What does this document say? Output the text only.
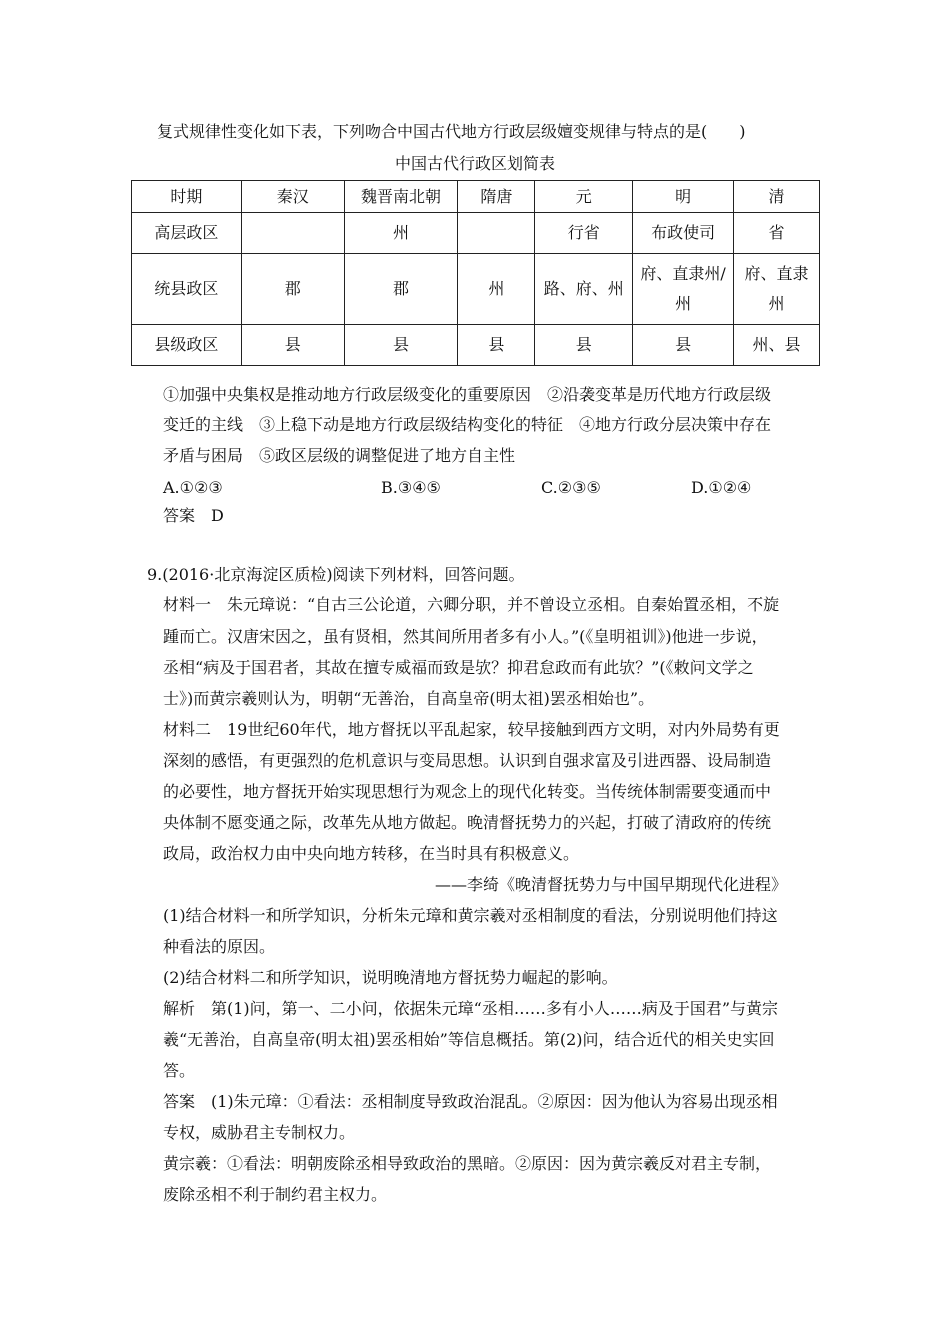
复式规律性变化如下表，下列吻合中国古代地方行政层级嬗变规律与特点的是(　　)
中国古代行政区划简表
时期	秦汉	魏晋南北朝	隋唐	元	明	清
高层政区		州		行省	布政使司	省
统县政区	郡	郡	州	路、府、州	府、直隶州/州	府、直隶州
县级政区	县	县	县	县	县	州、县
①加强中央集权是推动地方行政层级变化的重要原因　②沿袭变革是历代地方行政层级
变迁的主线　③上稳下动是地方行政层级结构变化的特征　④地方行政分层决策中存在
矛盾与困局　⑤政区层级的调整促进了地方自主性
A.①②③	B.③④⑤	C.②③⑤	D.①②④
答案　D
9.(2016·北京海淀区质检)阅读下列材料，回答问题。
材料一　朱元璋说：“自古三公论道，六卿分职，并不曾设立丞相。自秦始置丞相，不旋
踵而亡。汉唐宋因之，虽有贤相，然其间所用者多有小人。”(《皇明祖训》)他进一步说，
丞相“病及于国君者，其故在擅专威福而致是欤？抑君怠政而有此欤？”(《敕问文学之
士》)而黄宗羲则认为，明朝“无善治，自高皇帝(明太祖)罢丞相始也”。
材料二　19世纪60年代，地方督抚以平乱起家，较早接触到西方文明，对内外局势有更
深刻的感悟，有更强烈的危机意识与变局思想。认识到自强求富及引进西器、设局制造
的必要性，地方督抚开始实现思想行为观念上的现代化转变。当传统体制需要变通而中
央体制不愿变通之际，改革先从地方做起。晚清督抚势力的兴起，打破了清政府的传统
政局，政治权力由中央向地方转移，在当时具有积极意义。
——李绮《晚清督抚势力与中国早期现代化进程》
(1)结合材料一和所学知识，分析朱元璋和黄宗羲对丞相制度的看法，分别说明他们持这
种看法的原因。
(2)结合材料二和所学知识，说明晚清地方督抚势力崛起的影响。
解析　第(1)问，第一、二小问，依据朱元璋“丞相……多有小人……病及于国君”与黄宗
羲“无善治，自高皇帝(明太祖)罢丞相始”等信息概括。第(2)问，结合近代的相关史实回
答。
答案　(1)朱元璋：①看法：丞相制度导致政治混乱。②原因：因为他认为容易出现丞相
专权，威胁君主专制权力。
黄宗羲：①看法：明朝废除丞相导致政治的黑暗。②原因：因为黄宗羲反对君主专制，
废除丞相不利于制约君主权力。
